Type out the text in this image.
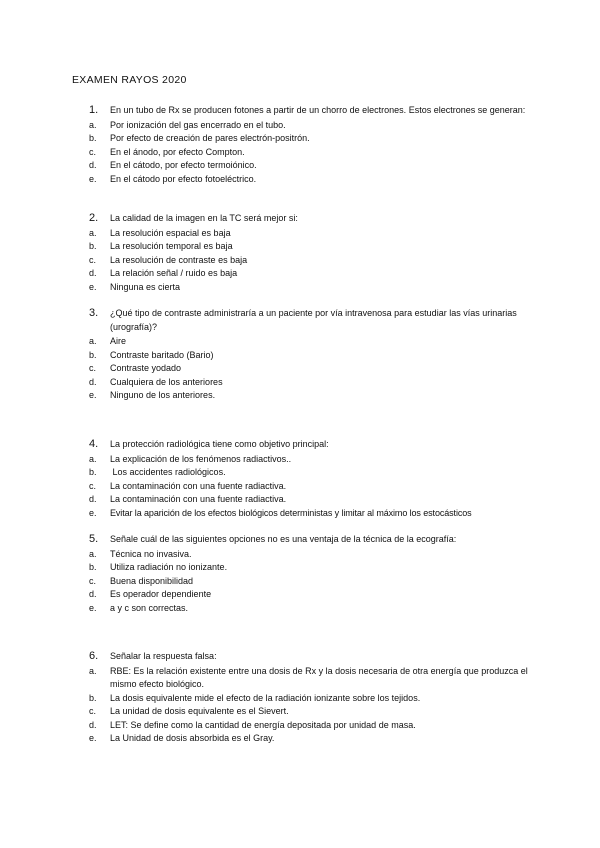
EXAMEN RAYOS 2020
1. En un tubo de Rx se producen fotones a partir de un chorro de electrones. Estos electrones se generan:
a. Por ionización del gas encerrado en el tubo.
b. Por efecto de creación de pares electrón-positrón.
c. En el ánodo, por efecto Compton.
d. En el cátodo, por efecto termoiónico.
e. En el cátodo por efecto fotoeléctrico.
2. La calidad de la imagen en la TC será mejor si:
a. La resolución espacial es baja
b. La resolución temporal es baja
c. La resolución de contraste es baja
d. La relación señal / ruido es baja
e. Ninguna es cierta
3. ¿Qué tipo de contraste administraría a un paciente por vía intravenosa para estudiar las vías urinarias (urografía)?
a. Aire
b. Contraste baritado (Bario)
c. Contraste yodado
d. Cualquiera de los anteriores
e. Ninguno de los anteriores.
4. La protección radiológica tiene como objetivo principal:
a. La explicación de los fenómenos radiactivos..
b. Los accidentes radiológicos.
c. La contaminación con una fuente radiactiva.
d. La contaminación con una fuente radiactiva.
e. Evitar la aparición de los efectos biológicos deterministas y limitar al máximo los estocásticos
5. Señale cuál de las siguientes opciones no es una ventaja de la técnica de la ecografía:
a. Técnica no invasiva.
b. Utiliza radiación no ionizante.
c. Buena disponibilidad
d. Es operador dependiente
e. a y c son correctas.
6. Señalar la respuesta falsa:
a. RBE: Es la relación existente entre una dosis de Rx y la dosis necesaria de otra energía que produzca el mismo efecto biológico.
b. La dosis equivalente mide el efecto de la radiación ionizante sobre los tejidos.
c. La unidad de dosis equivalente es el Sievert.
d. LET: Se define como la cantidad de energía depositada por unidad de masa.
e. La Unidad de dosis absorbida es el Gray.
